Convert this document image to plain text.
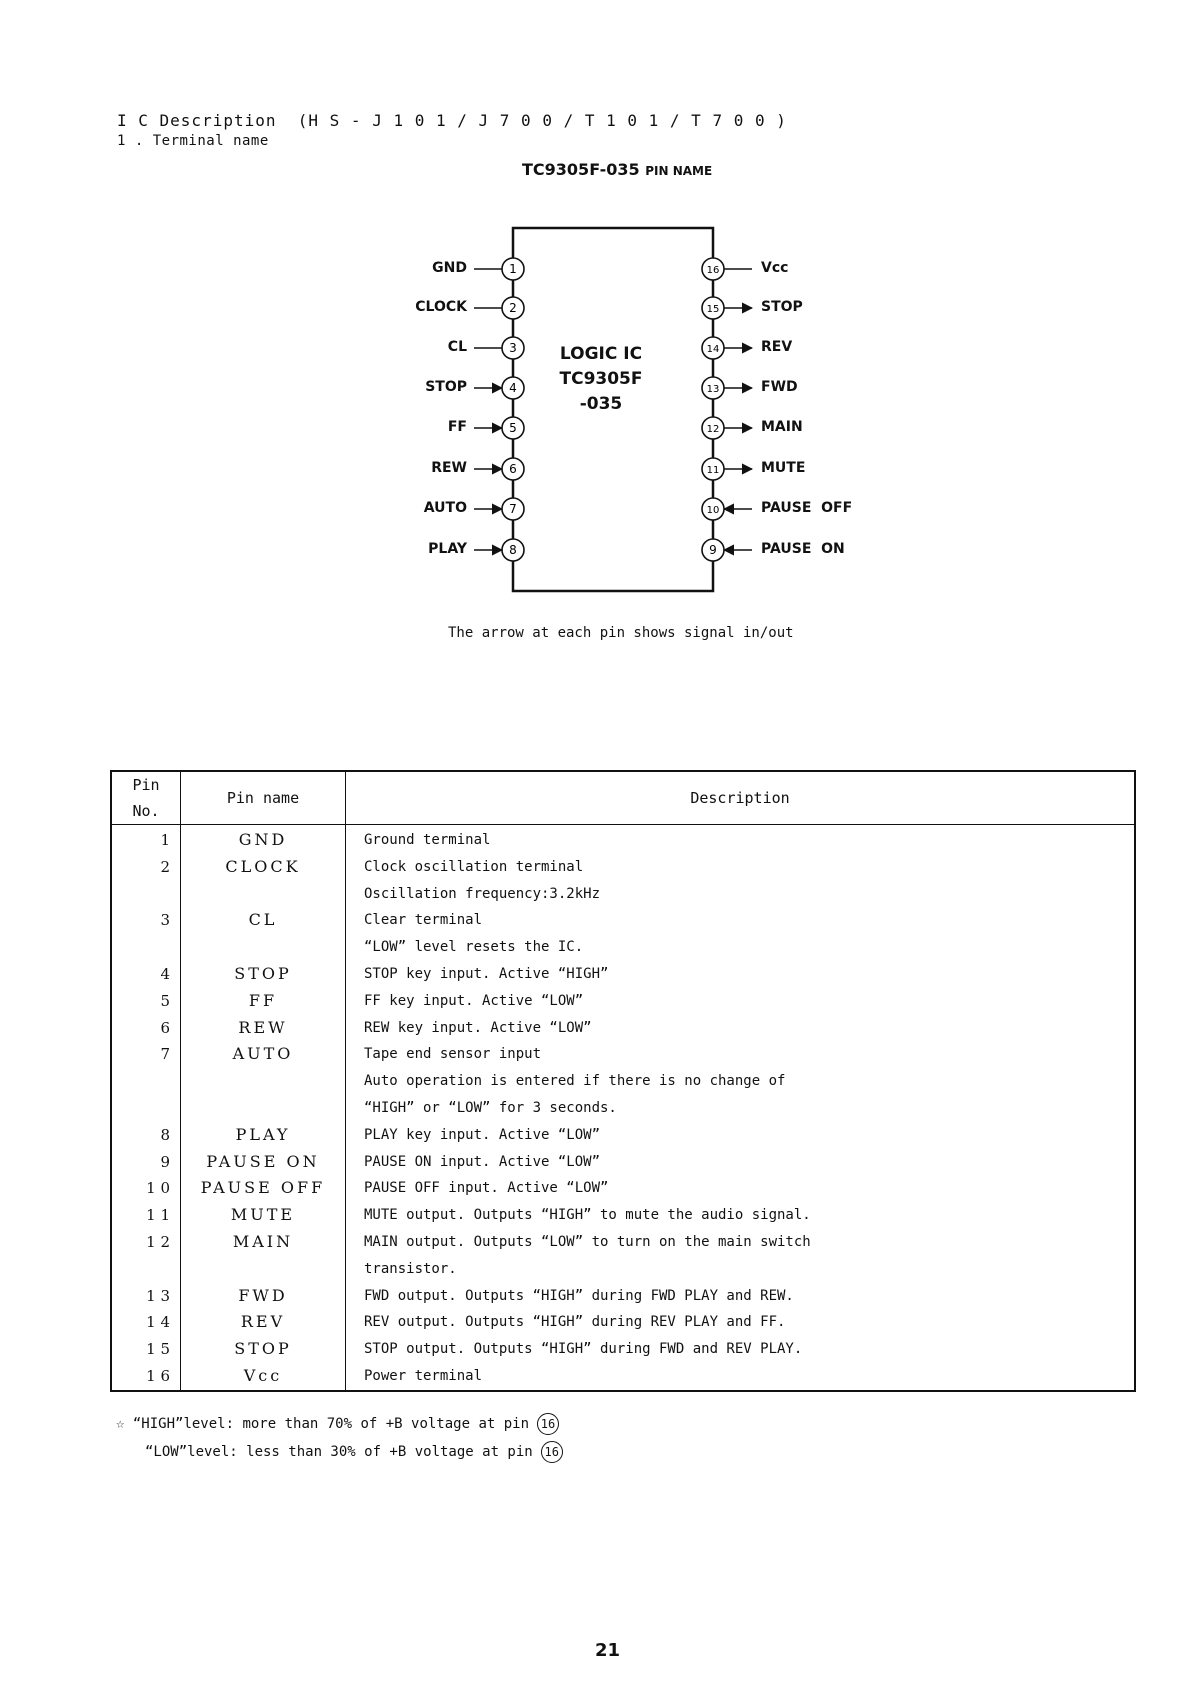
I C Description  (H S - J 1 0 1 ∕ J 7 0 0 ∕ T 1 0 1 ∕ T 7 0 0 )
1 . Terminal name
TC9305F-035 PIN NAME
1
2
3
4
5
6
7
8
16
15
14
13
12
11
10
9
LOGIC IC
TC9305F
-035
GND
CLOCK
CL
STOP
FF
REW
AUTO
PLAY
Vcc
STOP
REV
FWD
MAIN
MUTE
PAUSE  OFF
PAUSE  ON
The arrow at each pin shows signal in/out
Pin
No.	Pin name	Description
1	GND	Ground terminal
2	CLOCK	Clock oscillation terminal
		Oscillation frequency:3.2kHz
3	CL	Clear terminal
		“LOW” level resets the IC.
4	STOP	STOP key input. Active “HIGH”
5	FF	FF key input. Active “LOW”
6	REW	REW key input. Active “LOW”
7	AUTO	Tape end sensor input
		Auto operation is entered if there is no change of
		“HIGH” or “LOW” for 3 seconds.
8	PLAY	PLAY key input. Active “LOW”
9	PAUSE ON	PAUSE ON input. Active “LOW”
1 0	PAUSE OFF	PAUSE OFF input. Active “LOW”
1 1	MUTE	MUTE output. Outputs “HIGH” to mute the audio signal.
1 2	MAIN	MAIN output. Outputs “LOW” to turn on the main switch
		transistor.
1 3	FWD	FWD output. Outputs “HIGH” during FWD PLAY and REW.
1 4	REV	REV output. Outputs “HIGH” during REV PLAY and FF.
1 5	STOP	STOP output. Outputs “HIGH” during FWD and REV PLAY.
1 6	Vcc	Power terminal
☆ “HIGH”level: more than 70% of +B voltage at pin 16
“LOW”level: less than 30% of +B voltage at pin 16
21
